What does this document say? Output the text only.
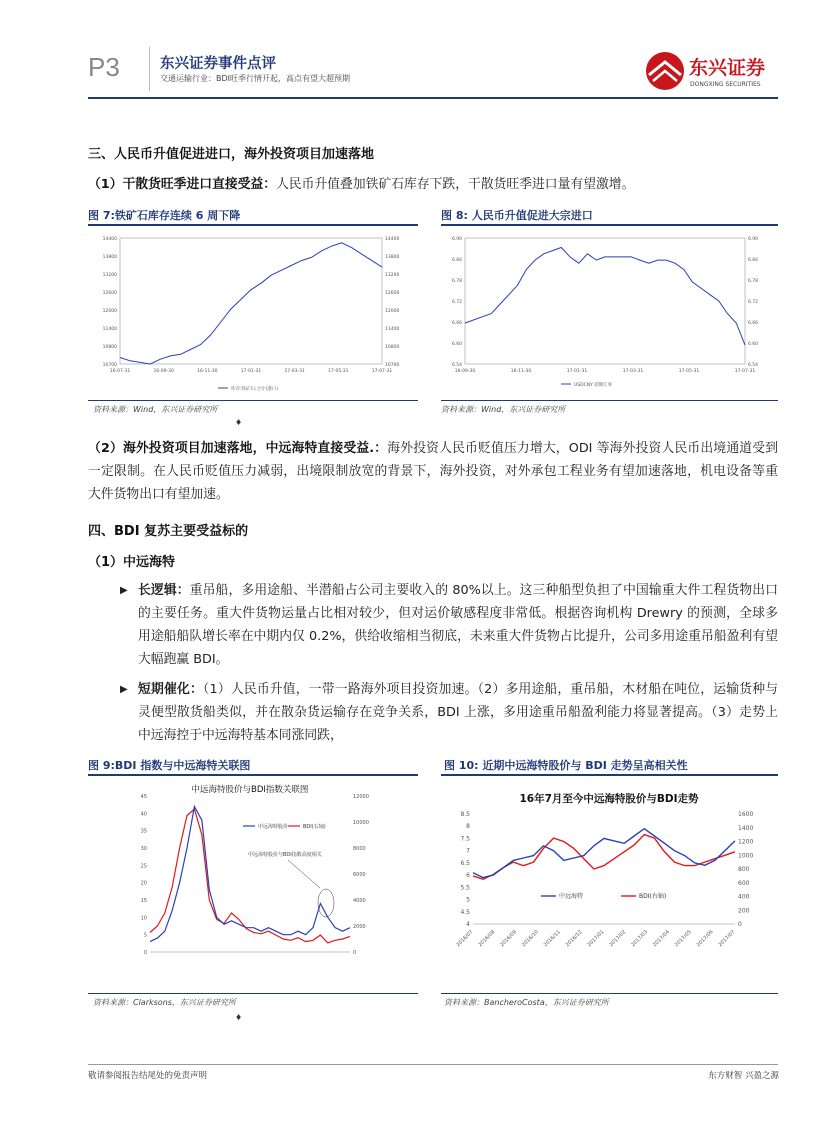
P3	东兴证券事件点评
交通运输行业：BDI旺季行情开起，高点有望大超预期	东兴证券
DONGXING SECURITIES
三、人民币升值促进进口，海外投资项目加速落地
（1）干散货旺季进口直接受益：人民币升值叠加铁矿石库存下跌，干散货旺季进口量有望激增。
图 7:铁矿石库存连续 6 周下降
10700
10800
11400
12000
12600
13200
13800
14400
10700
10800
11400
12000
12600
13200
13800
14400
16-07-31	16-09-30	16-11-30	17-01-31	17-03-31	17-05-31	17-07-31
库存:铁矿石:合计(港口)
资料来源：Wind，东兴证券研究所
♦
图 8: 人民币升值促进大宗进口
6.54
6.60
6.66
6.72
6.78
6.84
6.90
6.54
6.60
6.66
6.72
6.78
6.84
6.90
16-09-30	16-11-30	17-01-31	17-03-31	17-05-31	17-07-31
USDCNY 即期汇率
资料来源：Wind，东兴证券研究所
（2）海外投资项目加速落地，中远海特直接受益.：海外投资人民币贬值压力增大，ODI 等海外投资人民币出境通道受到一定限制。在人民币贬值压力减弱，出境限制放宽的背景下，海外投资，对外承包工程业务有望加速落地，机电设备等重大件货物出口有望加速。
四、BDI 复苏主要受益标的
（1）中远海特
▶ 长逻辑：重吊船，多用途船、半潜船占公司主要收入的 80%以上。这三种船型负担了中国输重大件工程货物出口的主要任务。重大件货物运量占比相对较少，但对运价敏感程度非常低。根据咨询机构 Drewry 的预测，全球多用途船船队增长率在中期内仅 0.2%，供给收缩相当彻底，未来重大件货物占比提升，公司多用途重吊船盈利有望大幅跑赢 BDI。
▶ 短期催化：（1）人民币升值，一带一路海外项目投资加速。（2）多用途船，重吊船，木材船在吨位，运输货种与灵便型散货船类似，并在散杂货运输存在竞争关系，BDI 上涨，多用途重吊船盈利能力将显著提高。（3）走势上中远海控于中远海特基本同涨同跌，
图 9:BDI 指数与中远海特关联图
中远海特股价与BDI指数关联图
0
5
10
15
20
25
30
35
40
45
0
2000
4000
6000
8000
10000
12000
中远海特股价	BDI(右轴)
中远海特股价与BDI指数高度相关
资料来源：Clarksons，东兴证券研究所
♦
图 10: 近期中远海特股价与 BDI 走势呈高相关性
16年7月至今中远海特股价与BDI走势
4
4.5
5
5.5
6
6.5
7
7.5
8
8.5
0
200
400
600
800
1000
1200
1400
1600
2016/07 2016/08 2016/09 2016/10 2016/11 2016/12 2017/01 2017/02 2017/03 2017/04 2017/05 2017/06 2017/07
中远海特	BDI(右轴)
资料来源：BancheroCosta，东兴证券研究所
敬请参阅报告结尾处的免责声明	东方财智 兴盈之源
